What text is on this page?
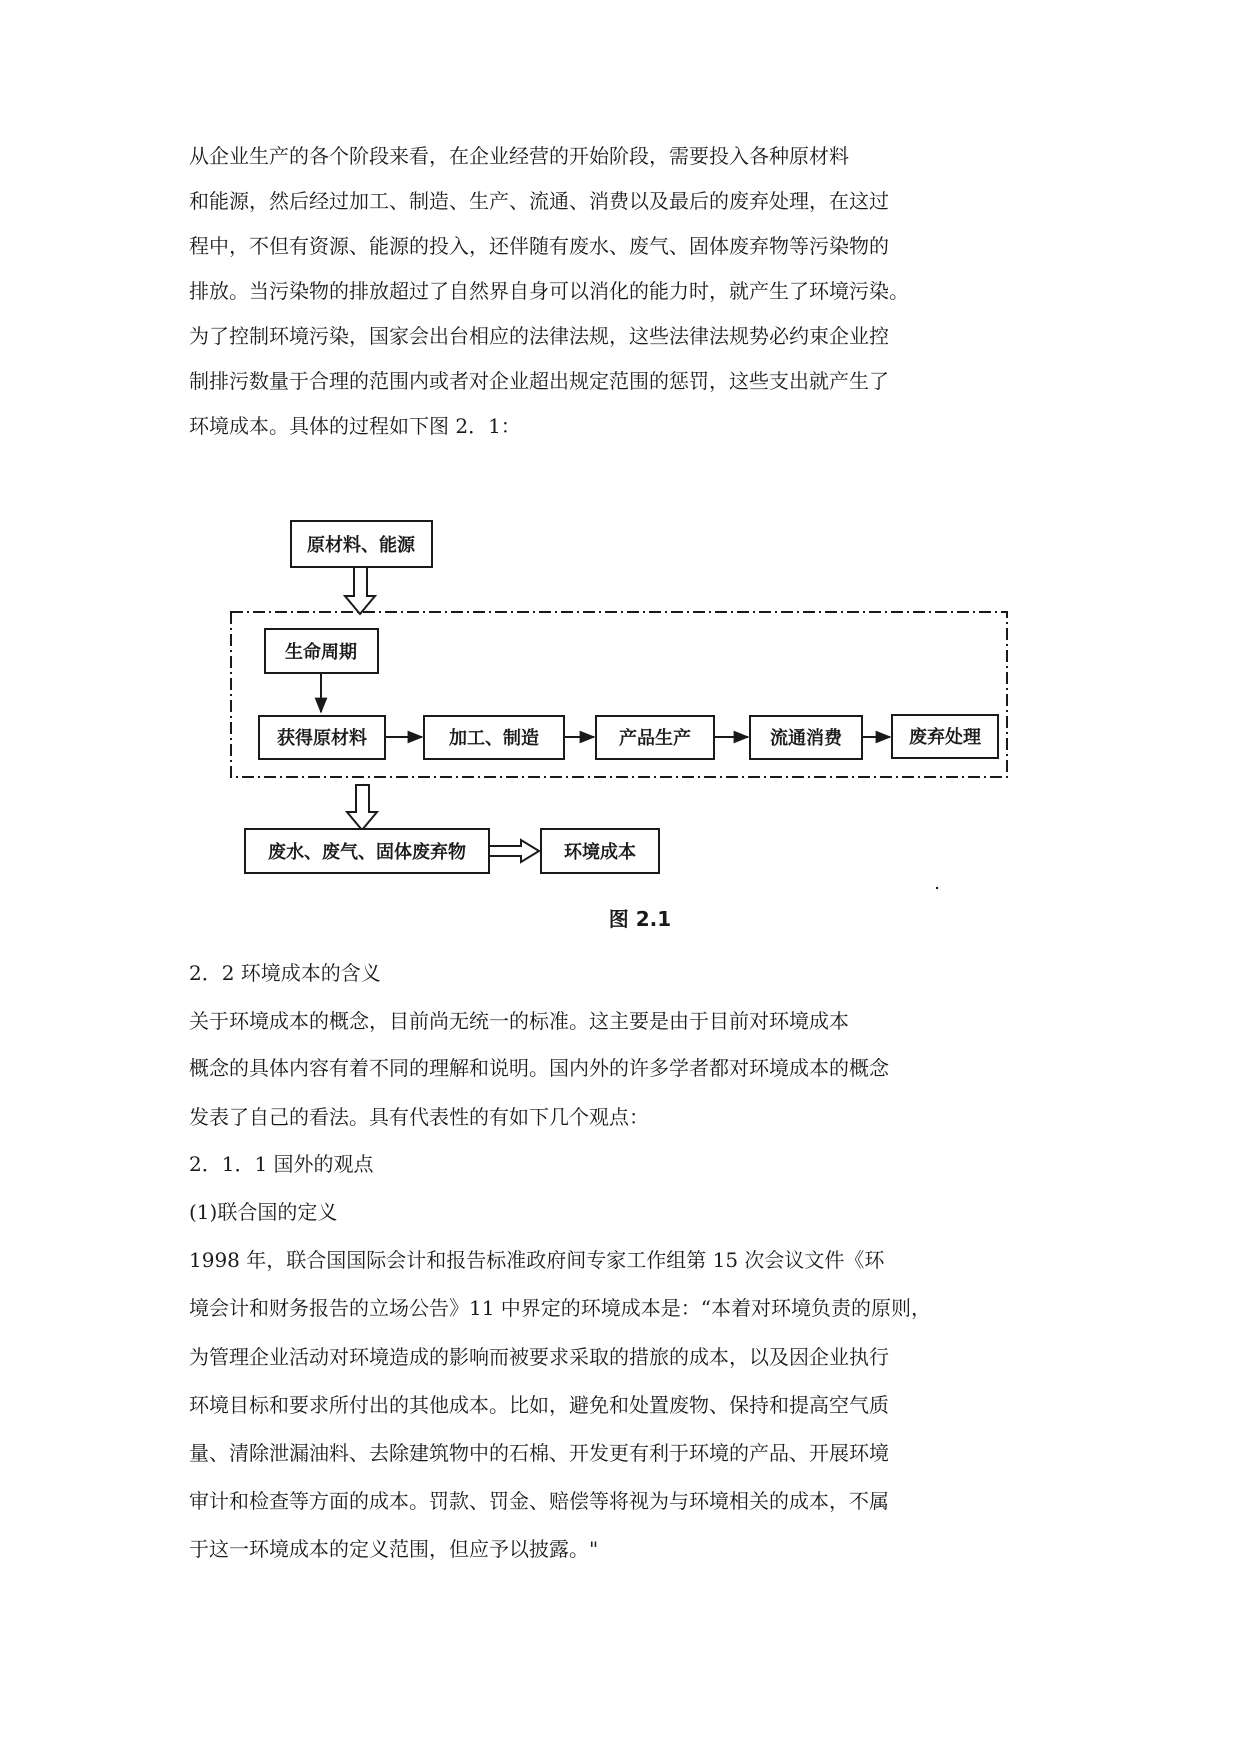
从企业生产的各个阶段来看，在企业经营的开始阶段，需要投入各种原材料
和能源，然后经过加工、制造、生产、流通、消费以及最后的废弃处理，在这过
程中，不但有资源、能源的投入，还伴随有废水、废气、固体废弃物等污染物的
排放。当污染物的排放超过了自然界自身可以消化的能力时，就产生了环境污染。
为了控制环境污染，国家会出台相应的法律法规，这些法律法规势必约束企业控
制排污数量于合理的范围内或者对企业超出规定范围的惩罚，这些支出就产生了
环境成本。具体的过程如下图 2．1：
原材料、能源
生命周期
获得原材料	加工、制造	产品生产	流通消费	废弃处理
废水、废气、固体废弃物	环境成本
图 2.1
2．2 环境成本的含义
关于环境成本的概念，目前尚无统一的标准。这主要是由于目前对环境成本
概念的具体内容有着不同的理解和说明。国内外的许多学者都对环境成本的概念
发表了自己的看法。具有代表性的有如下几个观点：
2．1．1 国外的观点
(1)联合国的定义
1998 年，联合国国际会计和报告标准政府间专家工作组第 15 次会议文件《环
境会计和财务报告的立场公告》11 中界定的环境成本是：“本着对环境负责的原则，
为管理企业活动对环境造成的影响而被要求采取的措旅的成本，以及因企业执行
环境目标和要求所付出的其他成本。比如，避免和处置废物、保持和提高空气质
量、清除泄漏油料、去除建筑物中的石棉、开发更有利于环境的产品、开展环境
审计和检查等方面的成本。罚款、罚金、赔偿等将视为与环境相关的成本，不属
于这一环境成本的定义范围，但应予以披露。"
